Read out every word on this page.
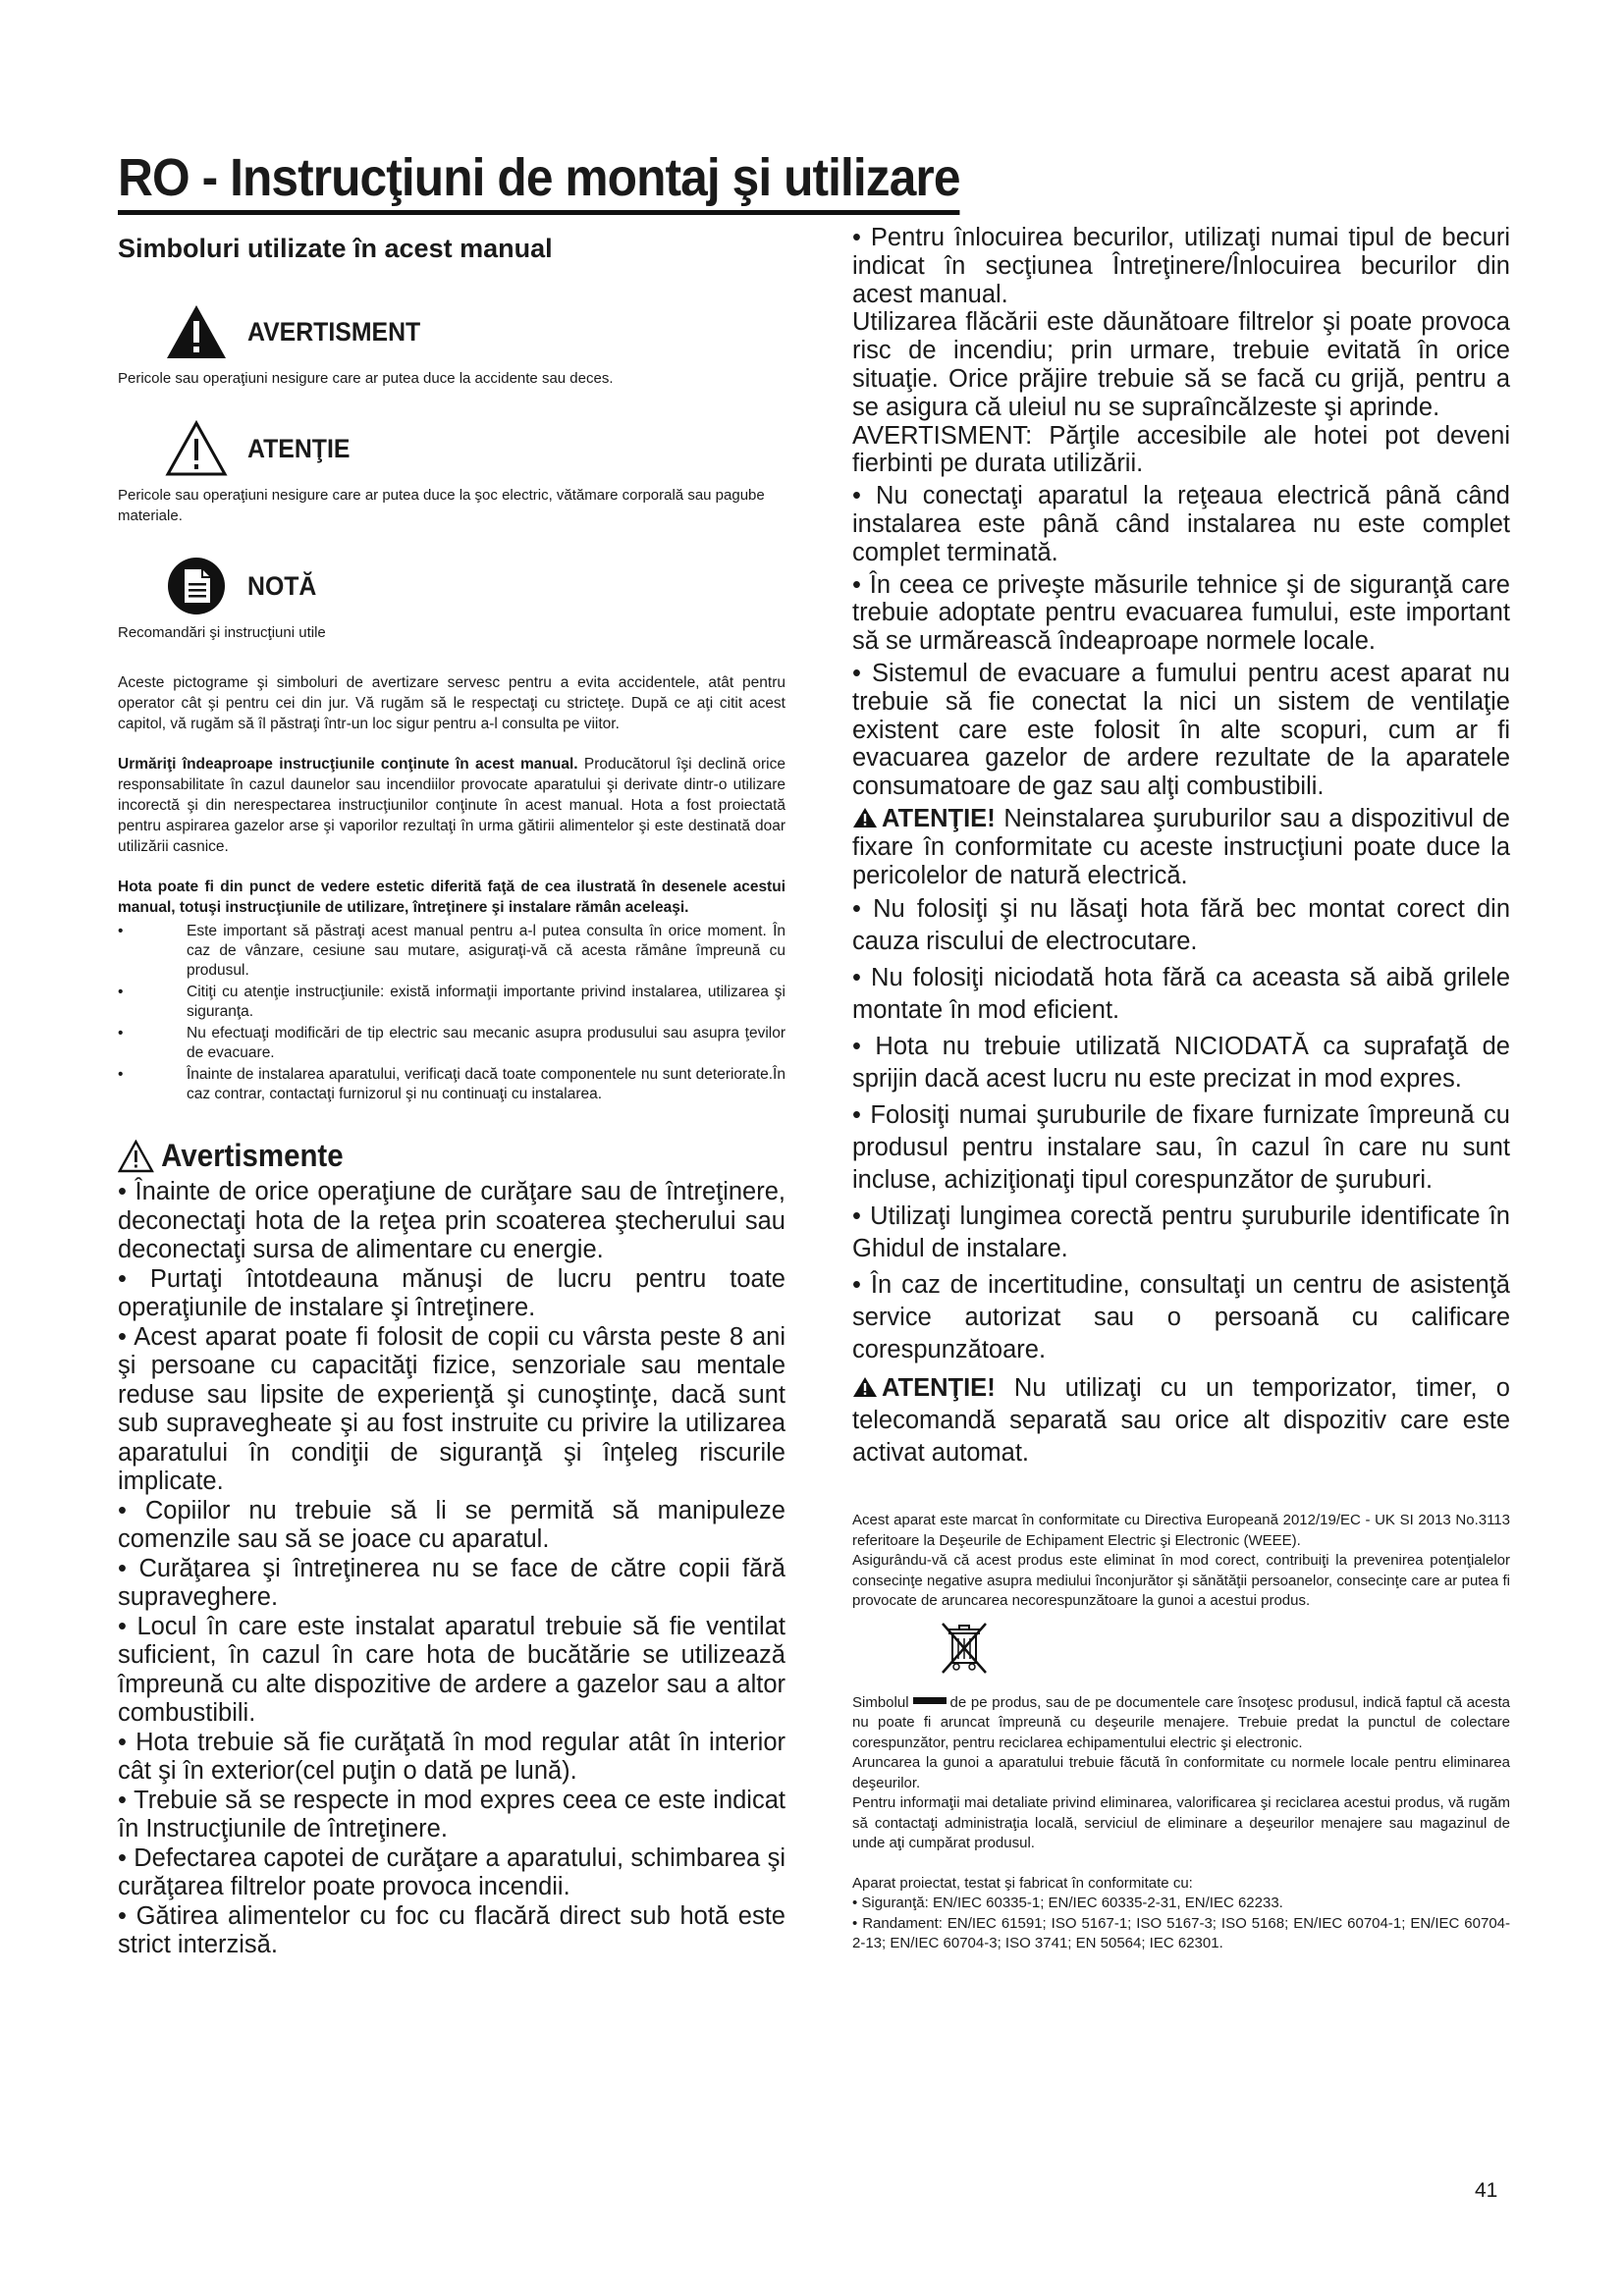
RO - Instrucţiuni de montaj şi utilizare
Simboluri utilizate în acest manual
AVERTISMENT

Pericole sau operaţiuni nesigure care ar putea duce la accidente sau deces.

ATENŢIE

Pericole sau operaţiuni nesigure care ar putea duce la şoc electric, vătămare corporală sau pagube materiale.

NOTĂ

Recomandări şi instrucţiuni utile

Aceste pictograme şi simboluri de avertizare servesc pentru a evita accidentele, atât pentru operator cât şi pentru cei din jur. Vă rugăm să le respectaţi cu stricteţe. După ce aţi citit acest capitol, vă rugăm să îl păstraţi într-un loc sigur pentru a-l consulta pe viitor.

Urmăriţi îndeaproape instrucţiunile conţinute în acest manual. Producătorul îşi declină orice responsabilitate în cazul daunelor sau incendiilor provocate aparatului şi derivate dintr-o utilizare incorectă şi din nerespectarea instrucţiunilor conţinute în acest manual. Hota a fost proiectată pentru aspirarea gazelor arse şi vaporilor rezultaţi în urma gătirii alimentelor şi este destinată doar utilizării casnice.

Hota poate fi din punct de vedere estetic diferită faţă de cea ilustrată în desenele acestui manual, totuşi instrucţiunile de utilizare, întreţinere şi instalare rămân aceleaşi.

•	Este important să păstraţi acest manual pentru a-l putea consulta în orice moment. În caz de vânzare, cesiune sau mutare, asiguraţi-vă că acesta rămâne împreună cu produsul.
•	Citiţi cu atenţie instrucţiunile: există informaţii importante privind instalarea, utilizarea şi siguranţa.
•	Nu efectuaţi modificări de tip electric sau mecanic asupra produsului sau asupra ţevilor de evacuare.
•	Înainte de instalarea aparatului, verificaţi dacă toate componentele nu sunt deteriorate.În caz contrar, contactaţi furnizorul şi nu continuaţi cu instalarea.
Avertismente

• Înainte de orice operaţiune de curăţare sau de întreţinere, deconectaţi hota de la reţea prin scoaterea ştecherului sau deconectaţi sursa de alimentare cu energie.

• Purtaţi întotdeauna mănuşi de lucru pentru toate operaţiunile de instalare şi întreţinere.

• Acest aparat poate fi folosit de copii cu vârsta peste 8 ani şi persoane cu capacităţi fizice, senzoriale sau mentale reduse sau lipsite de experienţă şi cunoştinţe, dacă sunt sub supravegheate şi au fost instruite cu privire la utilizarea aparatului în condiţii de siguranţă şi înţeleg riscurile implicate.

• Copiilor nu trebuie să li se permită să manipuleze comenzile sau să se joace cu aparatul.

• Curăţarea şi întreţinerea nu se face de către copii fără supraveghere.

• Locul în care este instalat aparatul trebuie să fie ventilat suficient, în cazul în care hota de bucătărie se utilizează împreună cu alte dispozitive de ardere a gazelor sau a altor combustibili.

• Hota trebuie să fie curăţată în mod regular atât în interior cât şi în exterior(cel puţin o dată pe lună).

• Trebuie să se respecte in mod expres ceea ce este indicat în Instrucţiunile de întreţinere.

• Defectarea capotei de curăţare a aparatului, schimbarea şi curăţarea filtrelor poate provoca incendii.

• Gătirea alimentelor cu foc cu flacără direct sub hotă este strict interzisă.

• Pentru înlocuirea becurilor, utilizaţi numai tipul de becuri indicat în secţiunea Întreţinere/Înlocuirea becurilor din acest manual.

Utilizarea flăcării este dăunătoare filtrelor şi poate provoca risc de incendiu; prin urmare, trebuie evitată în orice situaţie. Orice prăjire trebuie să se facă cu grijă, pentru a se asigura că uleiul nu se supraîncălzeste şi aprinde.

AVERTISMENT: Părţile accesibile ale hotei pot deveni fierbinti pe durata utilizării.

• Nu conectaţi aparatul la reţeaua electrică până când instalarea este până când instalarea nu este complet complet terminată.

• În ceea ce priveşte măsurile tehnice şi de siguranţă care trebuie adoptate pentru evacuarea fumului, este important să se urmărească îndeaproape normele locale.

• Sistemul de evacuare a fumului pentru acest aparat nu trebuie să fie conectat la nici un sistem de ventilaţie existent care este folosit în alte scopuri, cum ar fi evacuarea gazelor de ardere rezultate de la aparatele consumatoare de gaz sau alţi combustibili.

ATENŢIE! Neinstalarea şuruburilor sau a dispozitivul de fixare în conformitate cu aceste instrucţiuni poate duce la pericolelor de natură electrică.

• Nu folosiţi şi nu lăsaţi hota fără bec montat corect din cauza riscului de electrocutare.

• Nu folosiţi niciodată hota fără ca aceasta să aibă grilele montate în mod eficient.

• Hota nu trebuie utilizată NICIODATĂ ca suprafaţă de sprijin dacă acest lucru nu este precizat in mod expres.

• Folosiţi numai şuruburile de fixare furnizate împreună cu produsul pentru instalare sau, în cazul în care nu sunt incluse, achiziţionaţi tipul corespunzător de şuruburi.

• Utilizaţi lungimea corectă pentru şuruburile identificate în Ghidul de instalare.

• În caz de incertitudine, consultaţi un centru de asistenţă service autorizat sau o persoană cu calificare corespunzătoare.

ATENŢIE! Nu utilizaţi cu un temporizator, timer, o telecomandă separată sau orice alt dispozitiv care este activat automat.

Acest aparat este marcat în conformitate cu Directiva Europeană 2012/19/EC - UK SI 2013 No.3113 referitoare la Deşeurile de Echipament Electric şi Electronic (WEEE).

Asigurându-vă că acest produs este eliminat în mod corect, contribuiţi la prevenirea potenţialelor consecinţe negative asupra mediului înconjurător şi sănătăţii persoanelor, consecinţe care ar putea fi provocate de aruncarea necorespunzătoare la gunoi a acestui produs.

Simbolul	de pe produs, sau de pe documentele care însoţesc produsul, indică faptul că acesta nu poate fi aruncat împreună cu deşeurile menajere. Trebuie predat la punctul de colectare corespunzător, pentru reciclarea echipamentului electric şi electronic.

Aruncarea la gunoi a aparatului trebuie făcută în conformitate cu normele locale pentru eliminarea deşeurilor.

Pentru informaţii mai detaliate privind eliminarea, valorificarea şi reciclarea acestui produs, vă rugăm să contactaţi administraţia locală, serviciul de eliminare a deşeurilor menajere sau magazinul de unde aţi cumpărat produsul.

Aparat proiectat, testat şi fabricat în conformitate cu:

• Siguranţă: EN/IEC 60335-1; EN/IEC 60335-2-31, EN/IEC 62233.

• Randament: EN/IEC 61591; ISO 5167-1; ISO 5167-3; ISO 5168; EN/IEC 60704-1; EN/IEC 60704-2-13; EN/IEC 60704-3; ISO 3741; EN 50564; IEC 62301.

41
